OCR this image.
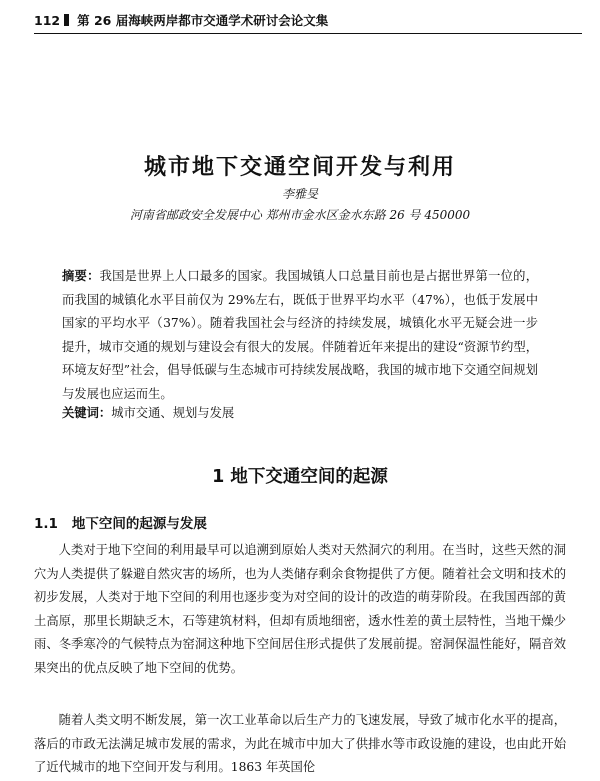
112 第 26 届海峡两岸都市交通学术研讨会论文集
城市地下交通空间开发与利用
李雅旻
河南省邮政安全发展中心 郑州市金水区金水东路 26 号 450000
摘要：我国是世界上人口最多的国家。我国城镇人口总量目前也是占据世界第一位的，而我国的城镇化水平目前仅为 29%左右，既低于世界平均水平（47%），也低于发展中国家的平均水平（37%）。随着我国社会与经济的持续发展，城镇化水平无疑会进一步提升，城市交通的规划与建设会有很大的发展。伴随着近年来提出的建设“资源节约型，环境友好型”社会，倡导低碳与生态城市可持续发展战略，我国的城市地下交通空间规划与发展也应运而生。
关键词：城市交通、规划与发展
1 地下交通空间的起源
1.1 地下空间的起源与发展
人类对于地下空间的利用最早可以追溯到原始人类对天然洞穴的利用。在当时，这些天然的洞穴为人类提供了躲避自然灾害的场所，也为人类储存剩余食物提供了方便。随着社会文明和技术的初步发展，人类对于地下空间的利用也逐步变为对空间的设计的改造的萌芽阶段。在我国西部的黄土高原，那里长期缺乏木，石等建筑材料，但却有质地细密，透水性差的黄土层特性，当地干燥少雨、冬季寒冷的气候特点为窑洞这种地下空间居住形式提供了发展前提。窑洞保温性能好，隔音效果突出的优点反映了地下空间的优势。
随着人类文明不断发展，第一次工业革命以后生产力的飞速发展，导致了城市化水平的提高，落后的市政无法满足城市发展的需求，为此在城市中加大了供排水等市政设施的建设，也由此开始了近代城市的地下空间开发与利用。1863 年英国伦
